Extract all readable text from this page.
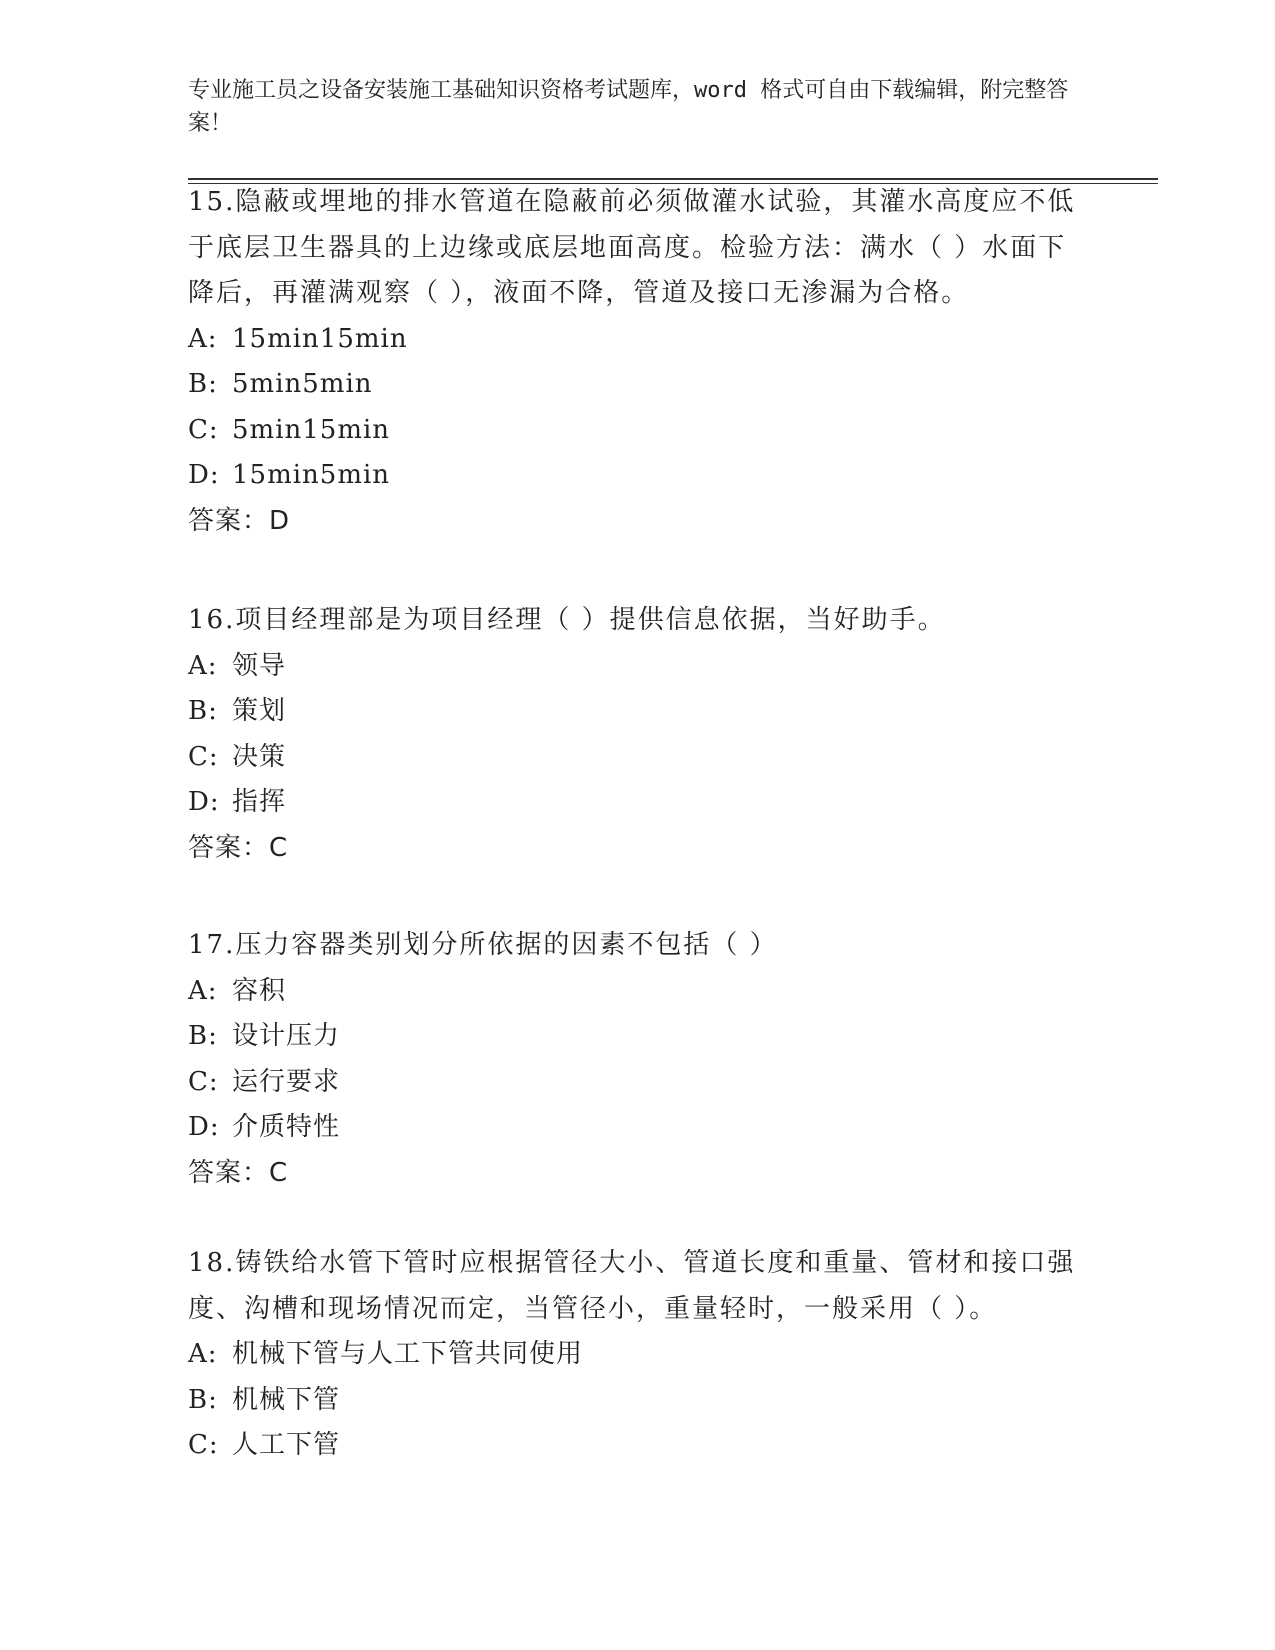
专业施工员之设备安装施工基础知识资格考试题库，word 格式可自由下载编辑，附完整答案！

15.隐蔽或埋地的排水管道在隐蔽前必须做灌水试验，其灌水高度应不低于底层卫生器具的上边缘或底层地面高度。检验方法：满水（ ）水面下降后，再灌满观察（ ），液面不降，管道及接口无渗漏为合格。

A: 15min15min

B: 5min5min

C: 5min15min

D: 15min5min

答案：D

16.项目经理部是为项目经理（ ）提供信息依据，当好助手。

A: 领导

B: 策划

C: 决策

D: 指挥

答案：C

17.压力容器类别划分所依据的因素不包括（ ）

A: 容积

B: 设计压力

C: 运行要求

D: 介质特性

答案：C

18.铸铁给水管下管时应根据管径大小、管道长度和重量、管材和接口强度、沟槽和现场情况而定，当管径小，重量轻时，一般采用（ ）。

A: 机械下管与人工下管共同使用

B: 机械下管

C: 人工下管
